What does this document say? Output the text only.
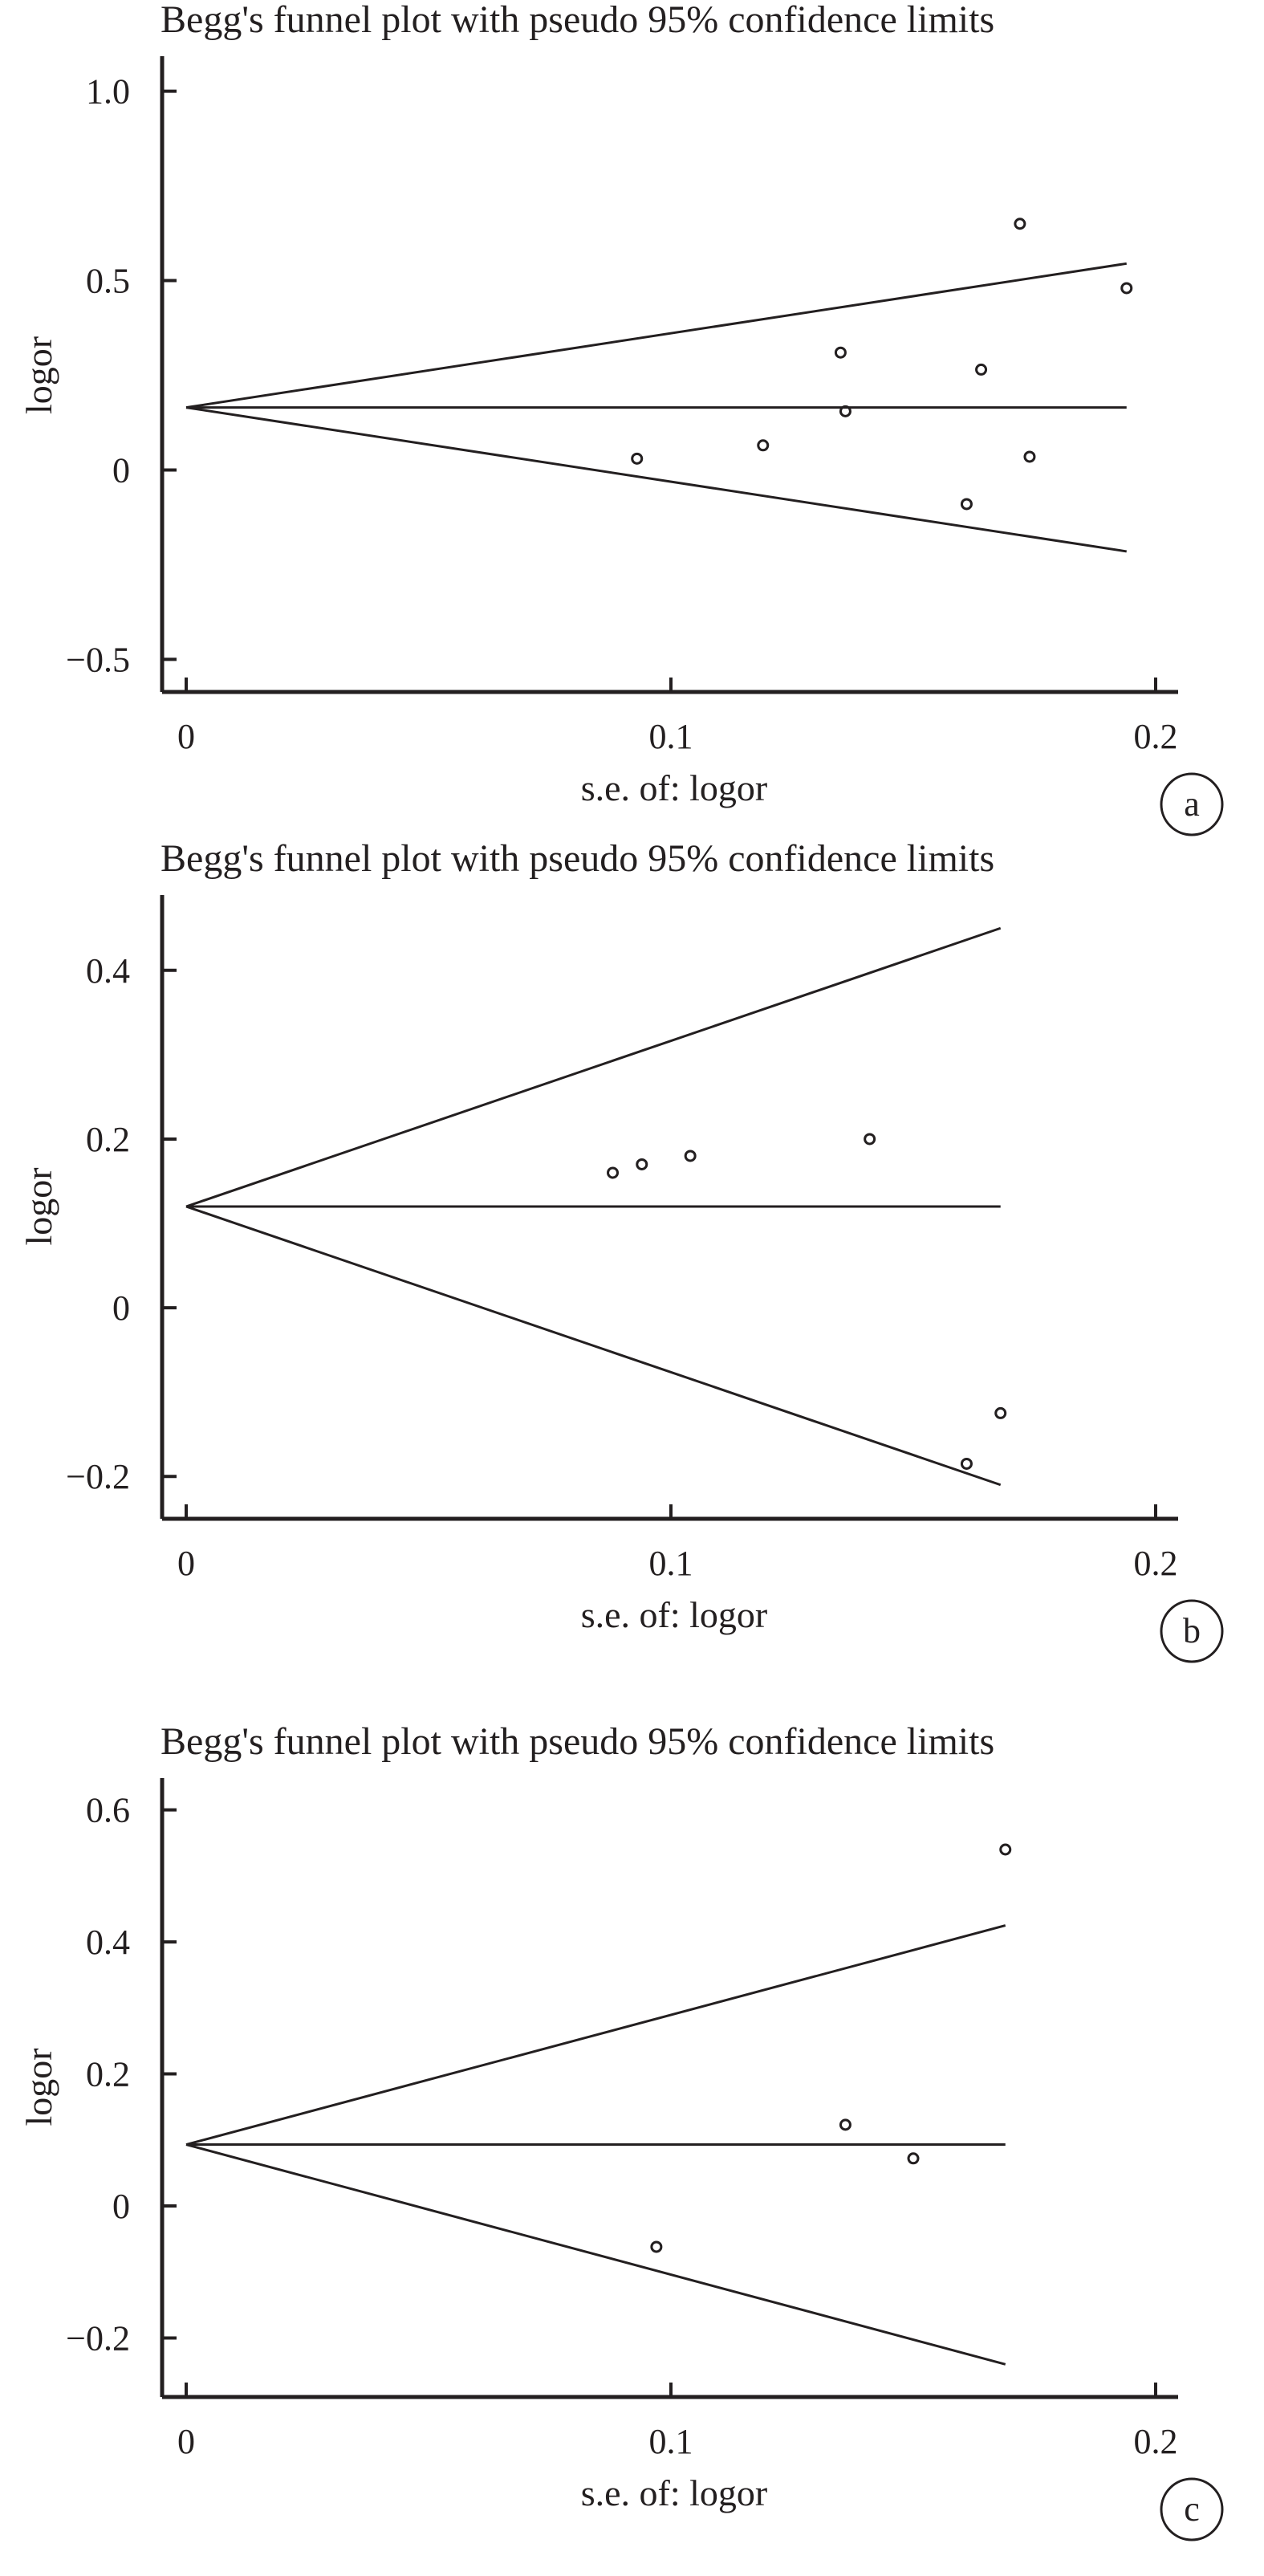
Begg's funnel plot with pseudo 95% confidence limits
1.0
0.5
0
−0.5
0	0.1	0.2
s.e. of: logor
logor
a
Begg's funnel plot with pseudo 95% confidence limits
0.4
0.2
0
−0.2
0	0.1	0.2
s.e. of: logor
logor
b
Begg's funnel plot with pseudo 95% confidence limits
0.6
0.4
0.2
0
−0.2
0	0.1	0.2
s.e. of: logor
logor
c
